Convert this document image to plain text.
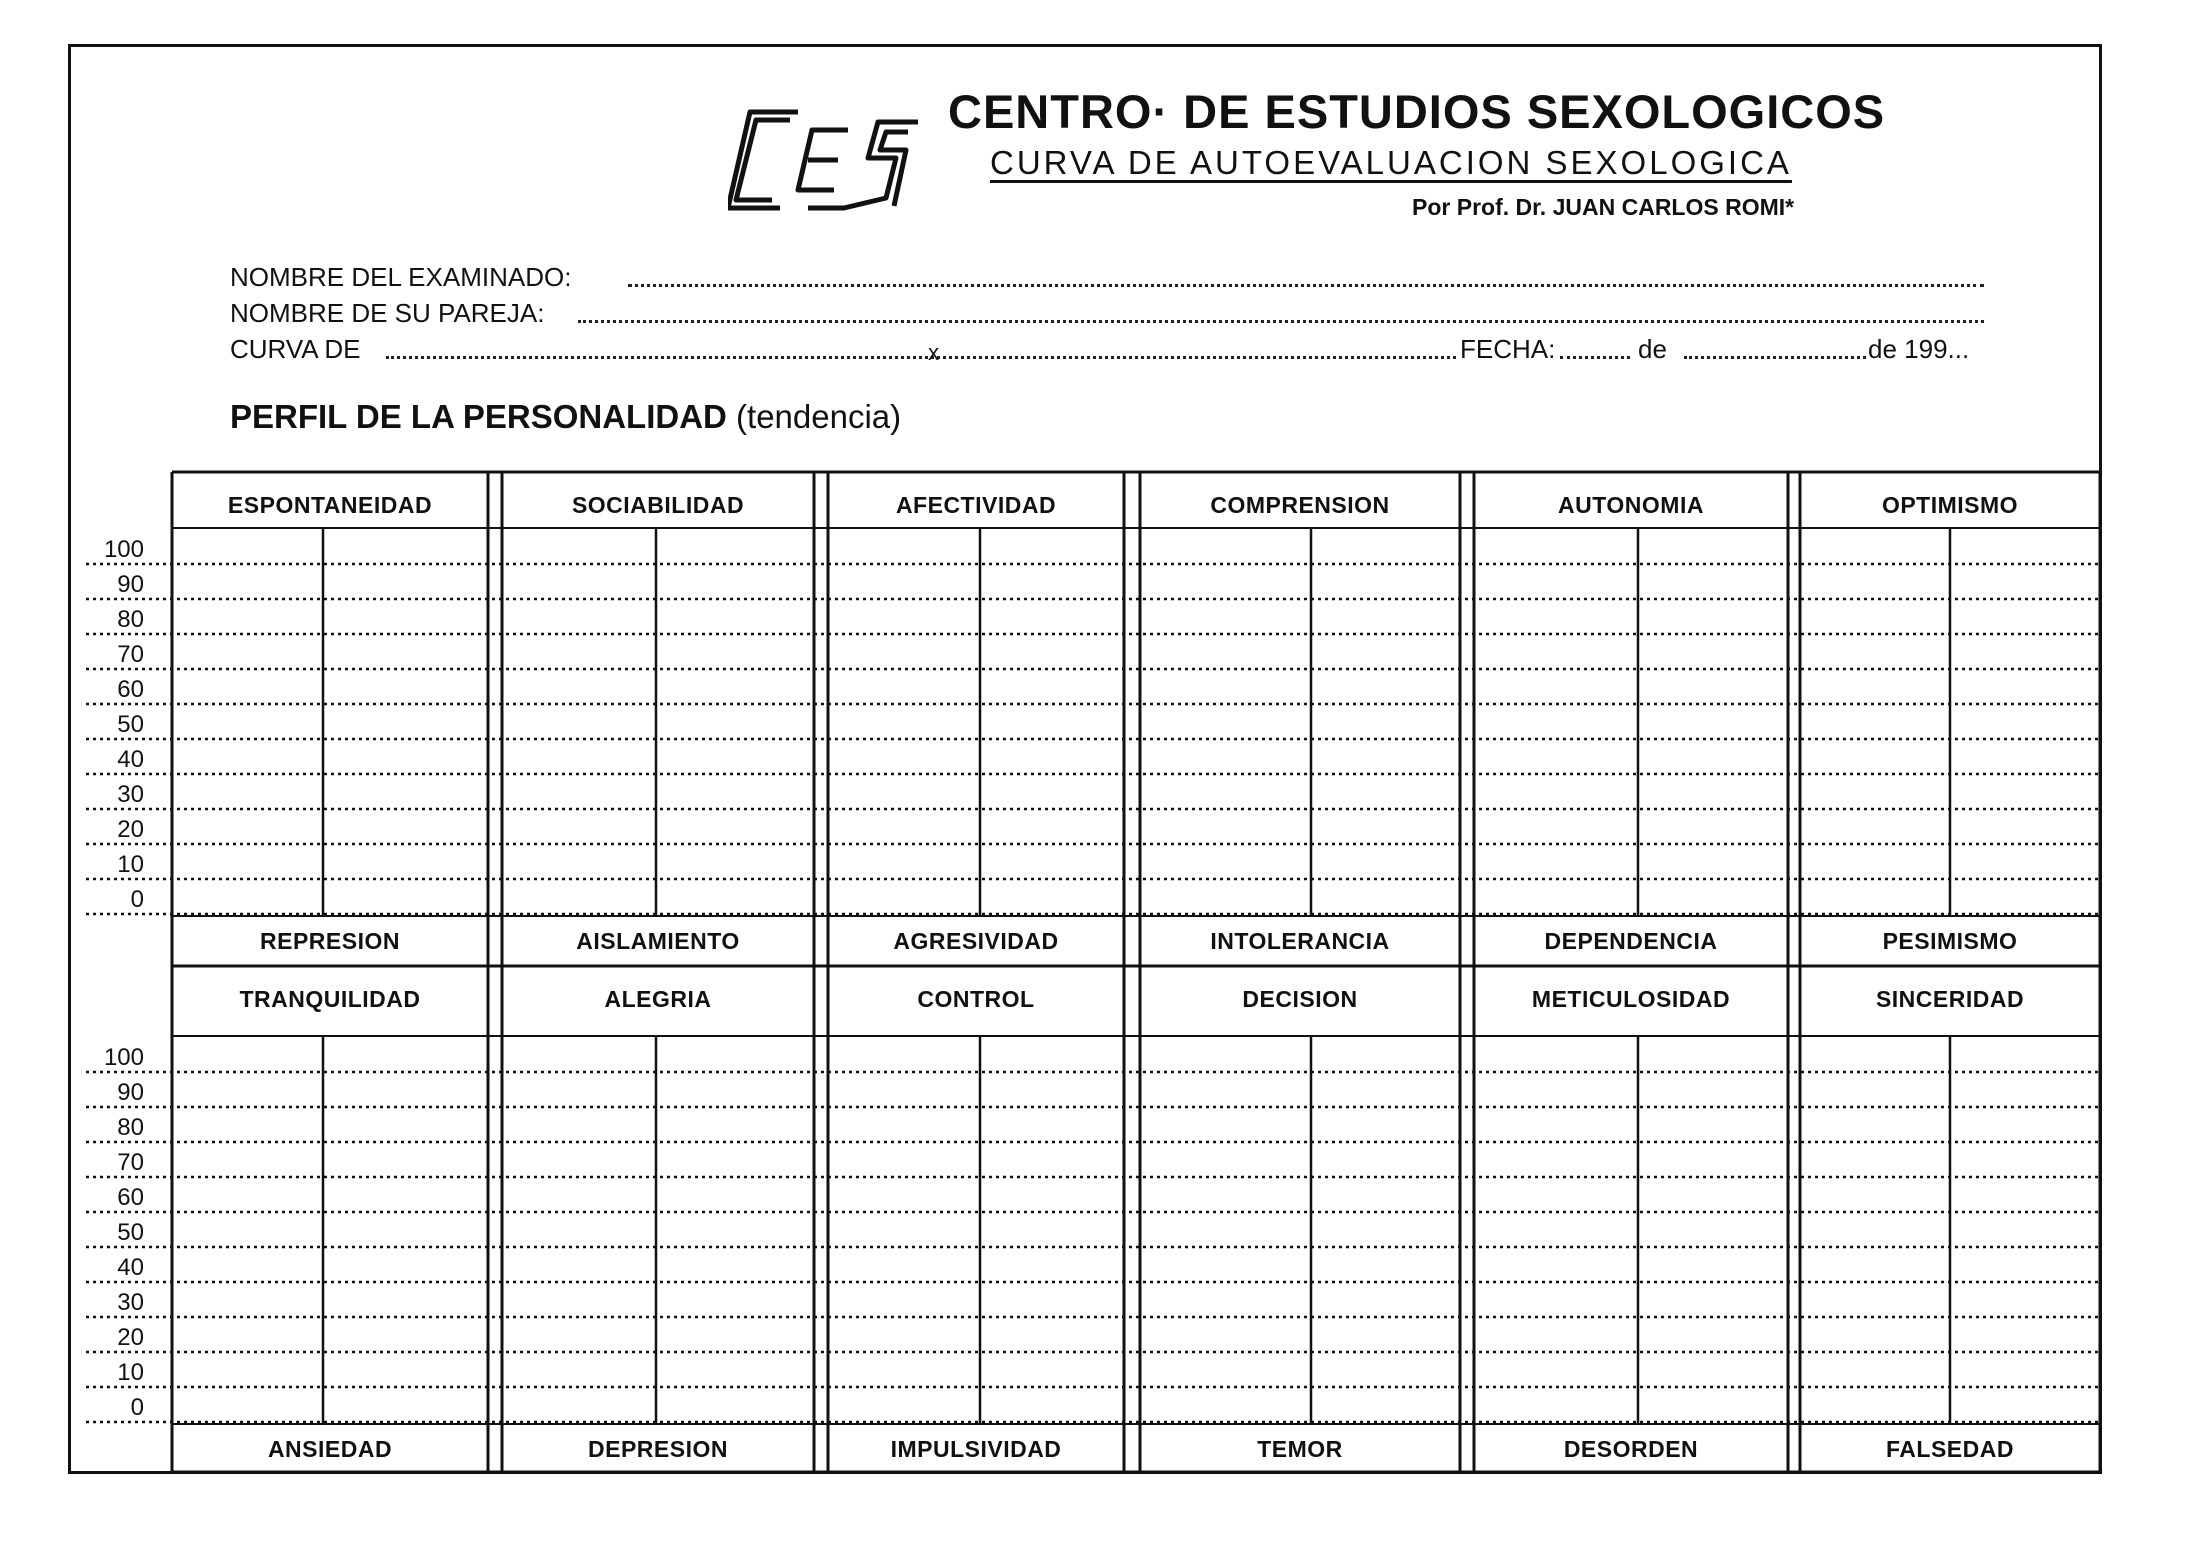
CENTRO· DE ESTUDIOS SEXOLOGICOS
CURVA DE AUTOEVALUACION SEXOLOGICA
Por Prof. Dr. JUAN CARLOS ROMI*
NOMBRE DEL EXAMINADO:
NOMBRE DE SU PAREJA:
CURVA DE	x	FECHA:	de	de 199...
PERFIL DE LA PERSONALIDAD (tendencia)
100
90
80
70
60
50
40
30
20
10
0
ESPONTANEIDAD
REPRESION
SOCIABILIDAD
AISLAMIENTO
AFECTIVIDAD
AGRESIVIDAD
COMPRENSION
INTOLERANCIA
AUTONOMIA
DEPENDENCIA
OPTIMISMO
PESIMISMO
100
90
80
70
60
50
40
30
20
10
0
TRANQUILIDAD
ANSIEDAD
ALEGRIA
DEPRESION
CONTROL
IMPULSIVIDAD
DECISION
TEMOR
METICULOSIDAD
DESORDEN
SINCERIDAD
FALSEDAD
